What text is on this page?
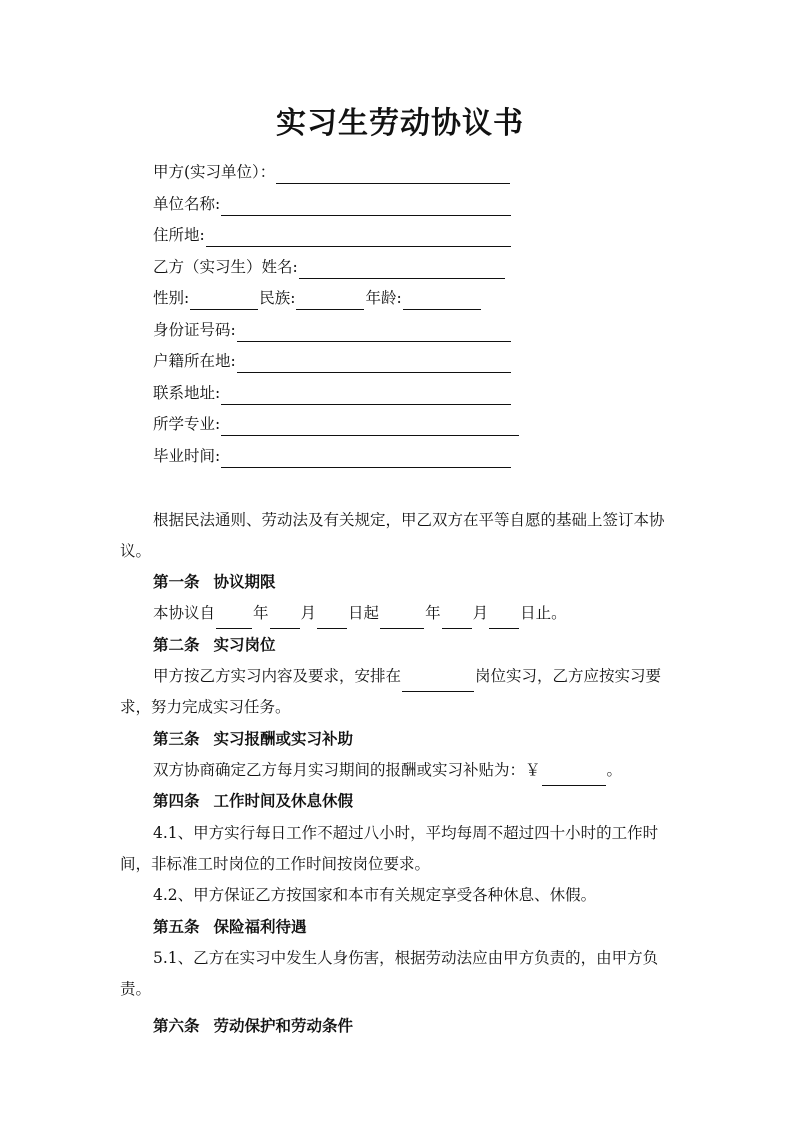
实习生劳动协议书
甲方(实习单位）：
单位名称:
住所地:
乙方（实习生）姓名:
性别:	民族:	年龄:
身份证号码:
户籍所在地:
联系地址:
所学专业:
毕业时间:
根据民法通则、劳动法及有关规定，甲乙双方在平等自愿的基础上签订本协
议。
第一条 协议期限
本协议自 年 月 日起	年 月 日止。
第二条 实习岗位
甲方按乙方实习内容及要求，安排在	岗位实习，乙方应按实习要
求，努力完成实习任务。
第三条 实习报酬或实习补助
双方协商确定乙方每月实习期间的报酬或实习补贴为：￥	。
第四条 工作时间及休息休假
4.1、甲方实行每日工作不超过八小时，平均每周不超过四十小时的工作时
间，非标准工时岗位的工作时间按岗位要求。
4.2、甲方保证乙方按国家和本市有关规定享受各种休息、休假。
第五条 保险福利待遇
5.1、乙方在实习中发生人身伤害，根据劳动法应由甲方负责的，由甲方负
责。
第六条 劳动保护和劳动条件
